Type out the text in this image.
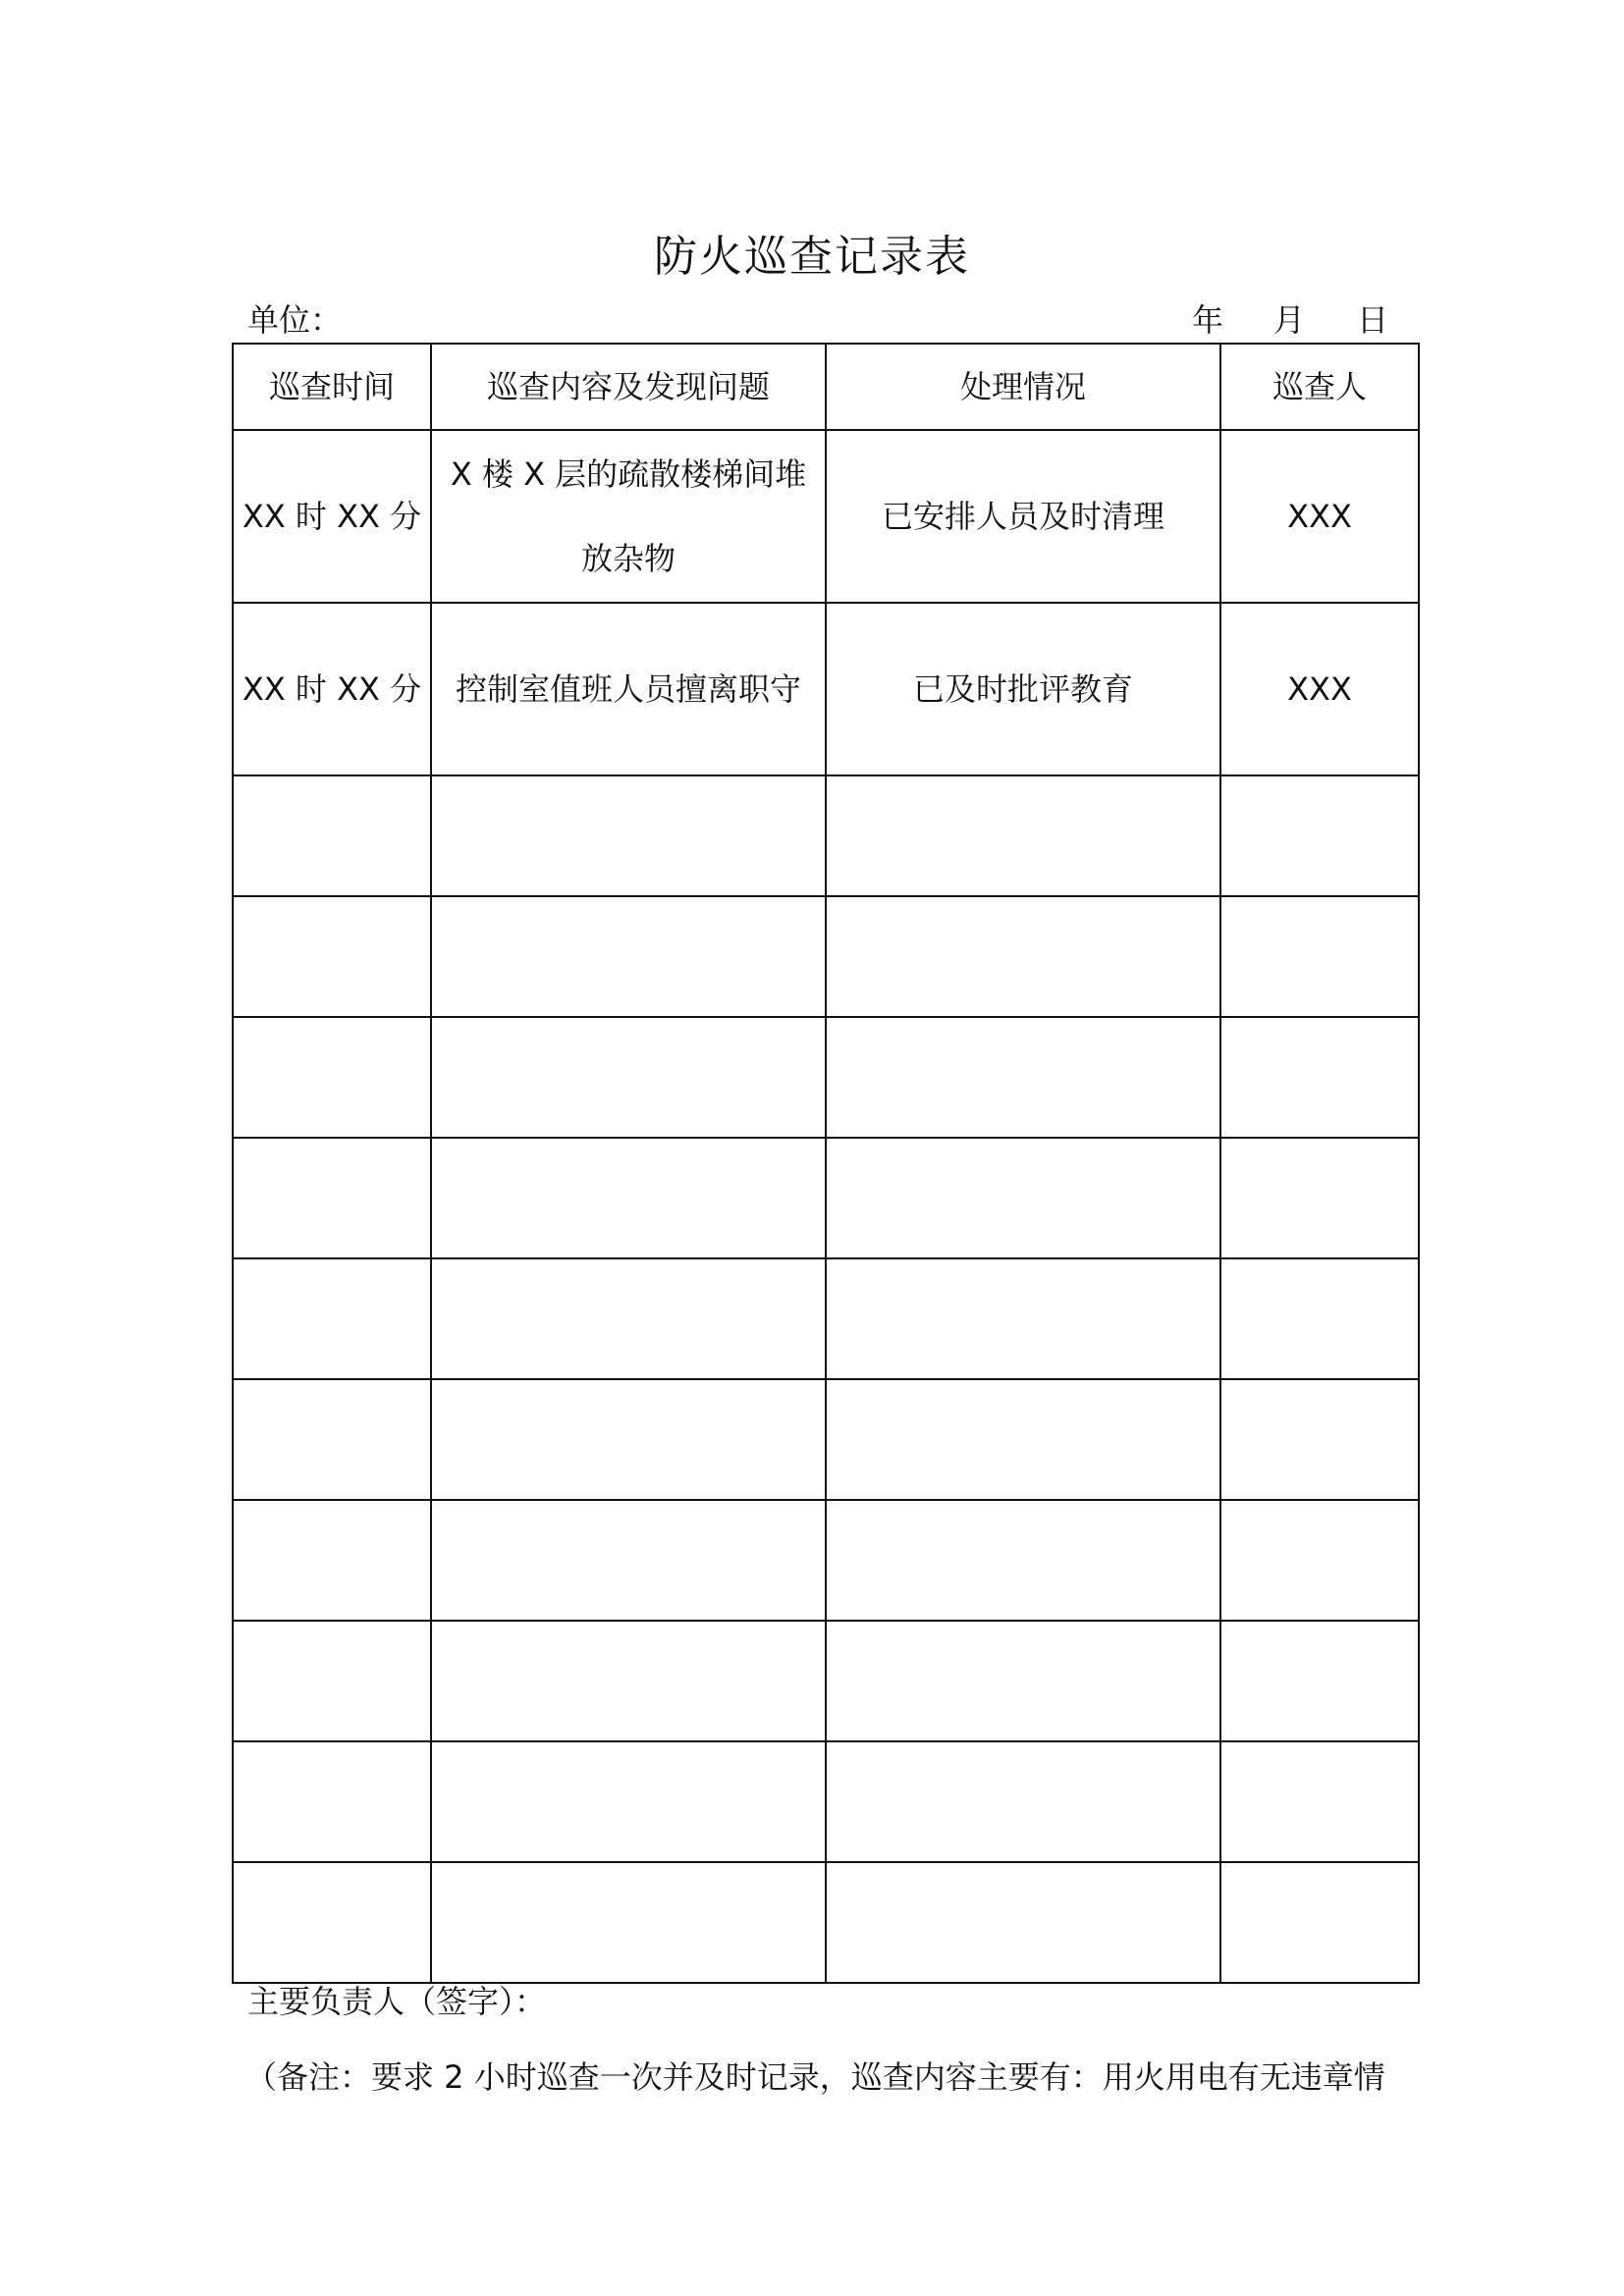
防火巡查记录表
单位：	年 月 日
巡查时间	巡查内容及发现问题	处理情况	巡查人
XX 时 XX 分	X 楼 X 层的疏散楼梯间堆放杂物	已安排人员及时清理	XXX
XX 时 XX 分	控制室值班人员擅离职守	已及时批评教育	XXX

主要负责人（签字）：
（备注：要求 2 小时巡查一次并及时记录，巡查内容主要有：用火用电有无违章情
